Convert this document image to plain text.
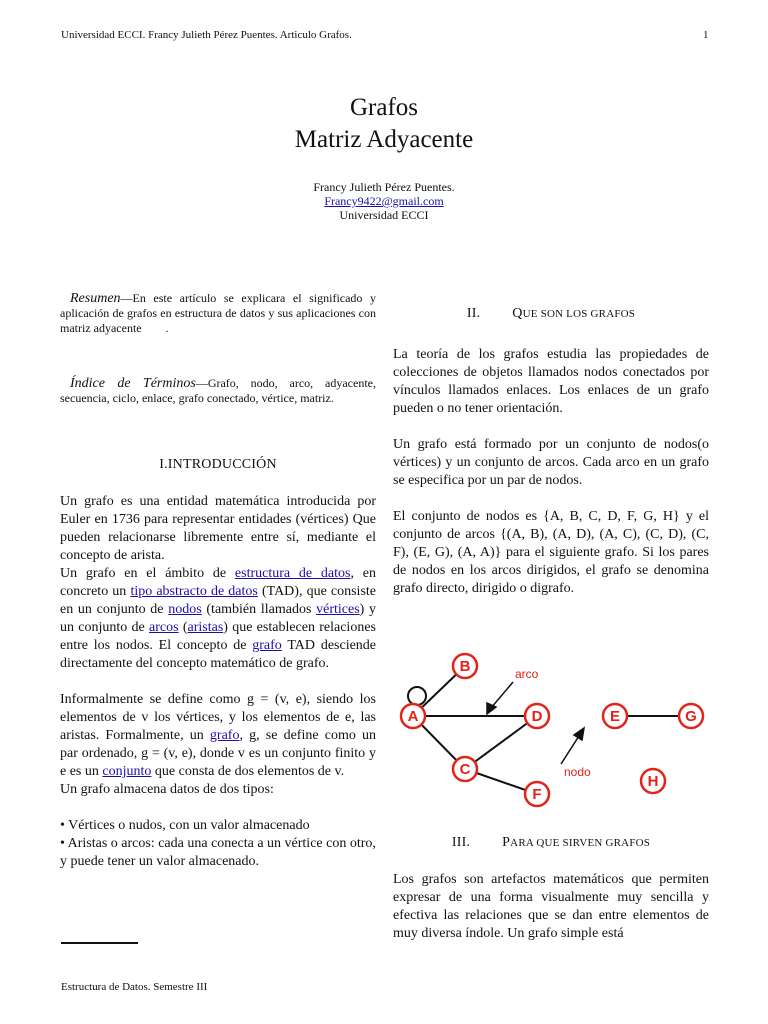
Universidad ECCI. Francy Julieth Pérez Puentes. Articulo Grafos.	1
Grafos
Matriz Adyacente
Francy Julieth Pérez Puentes.
Francy9422@gmail.com
Universidad ECCI
Resumen—En este artículo se explicara el significado y aplicación de grafos en estructura de datos y sus aplicaciones con matriz adyacente .
Índice de Términos—Grafo, nodo, arco, adyacente, secuencia, ciclo, enlace, grafo conectado, vértice, matriz.
I.INTRODUCCIÓN

Un grafo es una entidad matemática introducida por Euler en 1736 para representar entidades (vértices) Que pueden relacionarse libremente entre sí, mediante el concepto de arista.

Un grafo en el ámbito de estructura de datos, en concreto un tipo abstracto de datos (TAD), que consiste en un conjunto de nodos (también llamados vértices) y un conjunto de arcos (aristas) que establecen relaciones entre los nodos. El concepto de grafo TAD desciende directamente del concepto matemático de grafo.

Informalmente se define como g = (v, e), siendo los elementos de v los vértices, y los elementos de e, las aristas. Formalmente, un grafo, g, se define como un par ordenado, g = (v, e), donde v es un conjunto finito y e es un conjunto que consta de dos elementos de v.

Un grafo almacena datos de dos tipos:

• Vértices o nudos, con un valor almacenado

• Aristas o arcos: cada una conecta a un vértice con otro, y puede tener un valor almacenado.

Estructura de Datos. Semestre III
II. QUE SON LOS GRAFOS

La teoría de los grafos estudia las propiedades de colecciones de objetos llamados nodos conectados por vínculos llamados enlaces. Los enlaces de un grafo pueden o no tener orientación.

Un grafo está formado por un conjunto de nodos(o vértices) y un conjunto de arcos. Cada arco en un grafo se especifica por un par de nodos.

El conjunto de nodos es {A, B, C, D, F, G, H} y el conjunto de arcos {(A, B), (A, D), (A, C), (C, D), (C, F), (E, G), (A, A)} para el siguiente grafo. Si los pares de nodos en los arcos dirigidos, el grafo se denomina grafo directo, dirigido o digrafo.

arco
nodo
A
B
C
D	E
F
G
H
III. PARA QUE SIRVEN GRAFOS

Los grafos son artefactos matemáticos que permiten expresar de una forma visualmente muy sencilla y efectiva las relaciones que se dan entre elementos de muy diversa índole. Un grafo simple está
